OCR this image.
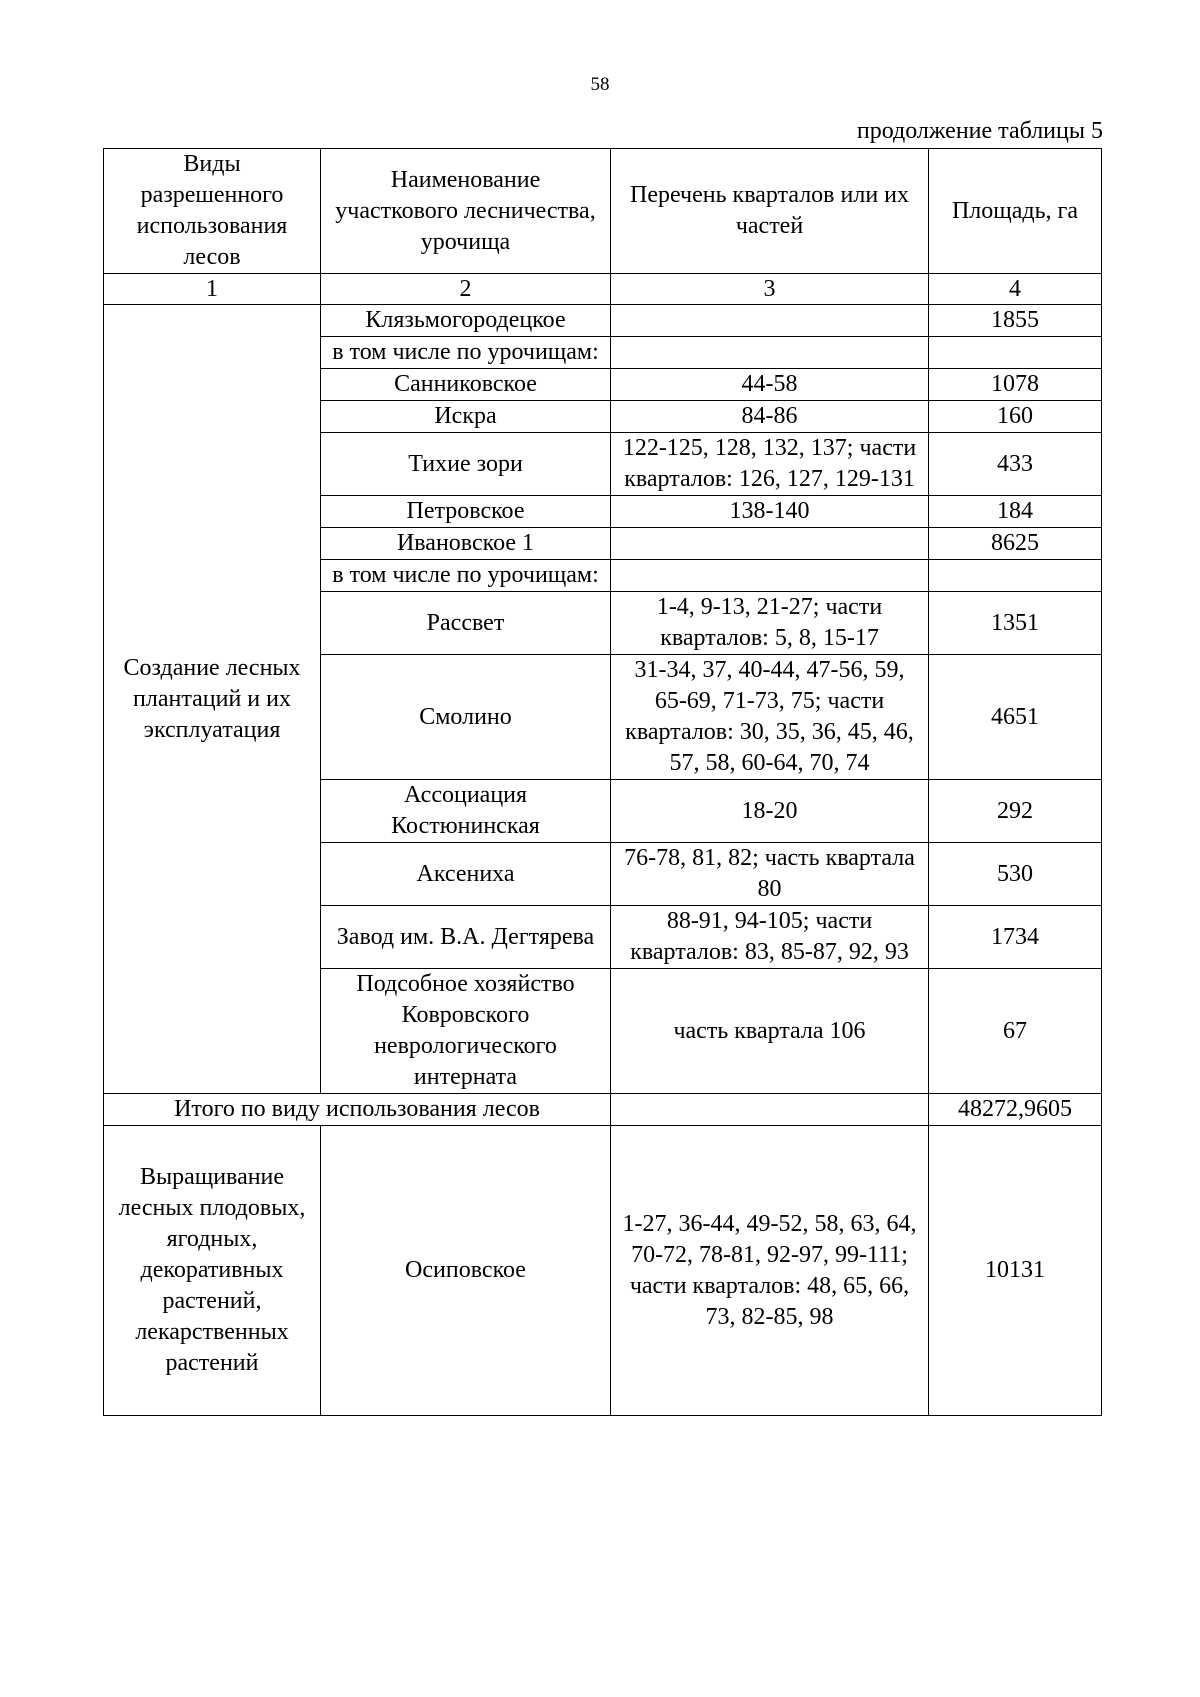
58
продолжение таблицы 5
Виды разрешенного использования лесов	Наименование участкового лесничества, урочища	Перечень кварталов или их частей	Площадь, га
1	2	3	4
Создание лесных плантаций и их эксплуатация	Клязьмогородецкое		1855
	в том числе по урочищам:		
	Санниковское	44-58	1078
	Искра	84-86	160
	Тихие зори	122-125, 128, 132, 137; части кварталов: 126, 127, 129-131	433
	Петровское	138-140	184
	Ивановское 1		8625
	в том числе по урочищам:		
	Рассвет	1-4, 9-13, 21-27; части кварталов: 5, 8, 15-17	1351
	Смолино	31-34, 37, 40-44, 47-56, 59, 65-69, 71-73, 75; части кварталов: 30, 35, 36, 45, 46, 57, 58, 60-64, 70, 74	4651
	Ассоциация Костюнинская	18-20	292
	Аксениха	76-78, 81, 82; часть квартала 80	530
	Завод им. В.А. Дегтярева	88-91, 94-105; части кварталов: 83, 85-87, 92, 93	1734
	Подсобное хозяйство Ковровского неврологического интерната	часть квартала 106	67
Итого по виду использования лесов			48272,9605
Выращивание лесных плодовых, ягодных, декоративных растений, лекарственных растений	Осиповское	1-27, 36-44, 49-52, 58, 63, 64, 70-72, 78-81, 92-97, 99-111; части кварталов: 48, 65, 66, 73, 82-85, 98	10131
